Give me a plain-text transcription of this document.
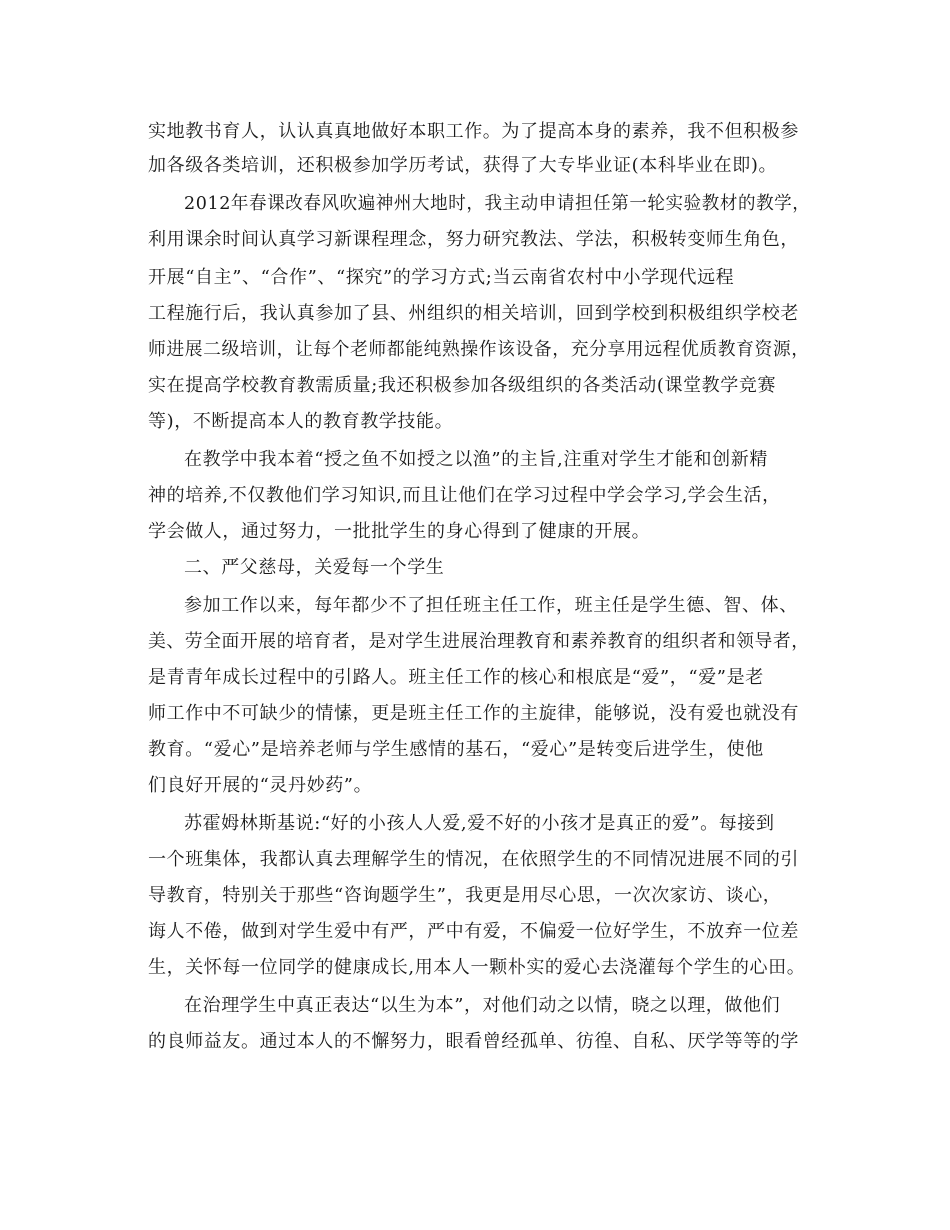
实地教书育人，认认真真地做好本职工作。为了提高本身的素养，我不但积极参
加各级各类培训，还积极参加学历考试，获得了大专毕业证(本科毕业在即)。
2012年春课改春风吹遍神州大地时，我主动申请担任第一轮实验教材的教学，
利用课余时间认真学习新课程理念，努力研究教法、学法，积极转变师生角色，
开展“自主”、“合作”、“探究”的学习方式;当云南省农村中小学现代远程
工程施行后，我认真参加了县、州组织的相关培训，回到学校到积极组织学校老
师进展二级培训，让每个老师都能纯熟操作该设备，充分享用远程优质教育资源，
实在提高学校教育教需质量;我还积极参加各级组织的各类活动(课堂教学竞赛
等)，不断提高本人的教育教学技能。
在教学中我本着“授之鱼不如授之以渔”的主旨,注重对学生才能和创新精
神的培养,不仅教他们学习知识,而且让他们在学习过程中学会学习,学会生活，
学会做人，通过努力，一批批学生的身心得到了健康的开展。
二、严父慈母，关爱每一个学生
参加工作以来，每年都少不了担任班主任工作，班主任是学生德、智、体、
美、劳全面开展的培育者，是对学生进展治理教育和素养教育的组织者和领导者，
是青青年成长过程中的引路人。班主任工作的核心和根底是“爱”，“爱”是老
师工作中不可缺少的情愫，更是班主任工作的主旋律，能够说，没有爱也就没有
教育。“爱心”是培养老师与学生感情的基石，“爱心”是转变后进学生，使他
们良好开展的“灵丹妙药”。
苏霍姆林斯基说:“好的小孩人人爱,爱不好的小孩才是真正的爱”。每接到
一个班集体，我都认真去理解学生的情况，在依照学生的不同情况进展不同的引
导教育，特别关于那些“咨询题学生”，我更是用尽心思，一次次家访、谈心，
诲人不倦，做到对学生爱中有严，严中有爱，不偏爱一位好学生，不放弃一位差
生，关怀每一位同学的健康成长,用本人一颗朴实的爱心去浇灌每个学生的心田。
在治理学生中真正表达“以生为本”，对他们动之以情，晓之以理，做他们
的良师益友。通过本人的不懈努力，眼看曾经孤单、彷徨、自私、厌学等等的学
